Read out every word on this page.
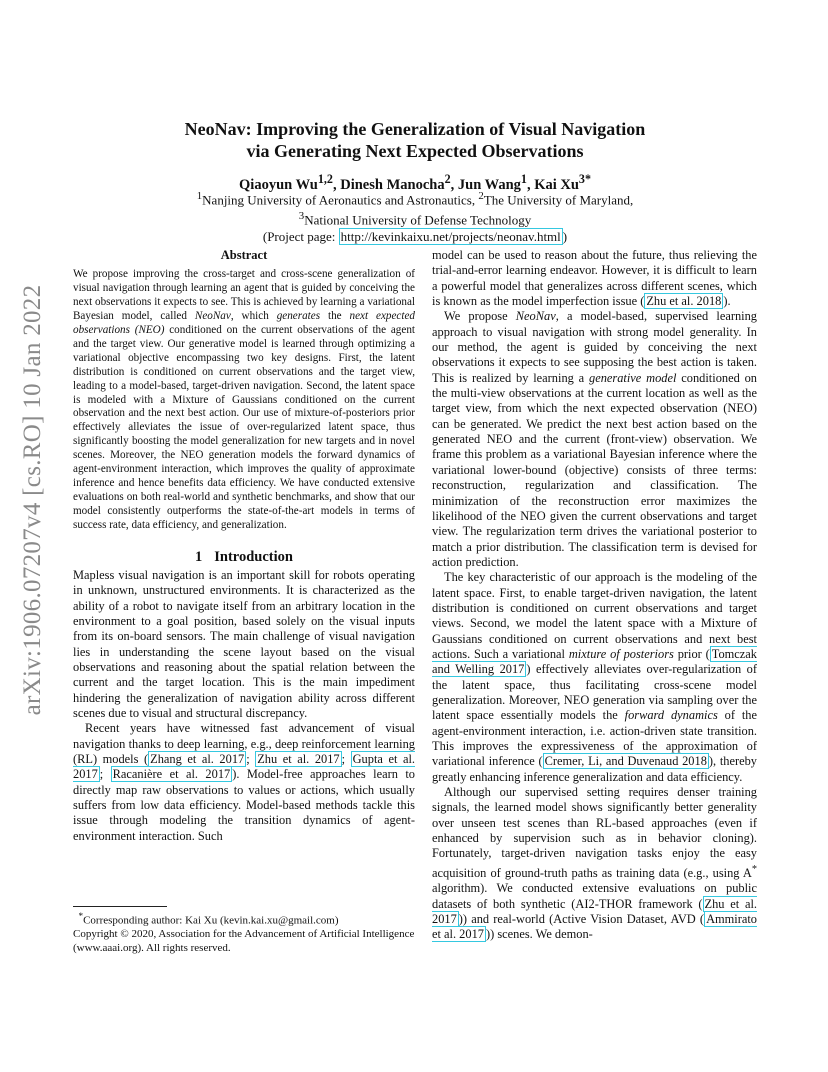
arXiv:1906.07207v4 [cs.RO] 10 Jan 2022
NeoNav: Improving the Generalization of Visual Navigation
via Generating Next Expected Observations
Qiaoyun Wu$^{1,2}$, Dinesh Manocha$^2$, Jun Wang$^1$, Kai $Xu^{3*}$
$^1$Nanjing University of Aeronautics and Astronautics, $^2$The University of Maryland,
$^3$National University of Defense Technology
(Project page: http://kevinkaixu.net/projects/neonav.html )
Abstract

We propose improving the cross-target and cross-scene generalization of visual navigation through learning an agent that is guided by conceiving the next observations it expects to see. This is achieved by learning a variational Bayesian model, called NeoNav, which generates the next expected observations (NEO) conditioned on the current observations of the agent and the target view. Our generative model is learned through optimizing a variational objective encompassing two key designs. First, the latent distribution is conditioned on current observations and the target view, leading to a model-based, target-driven navigation. Second, the latent space is modeled with a Mixture of Gaussians conditioned on the current observation and the next best action. Our use of mixture-of-posteriors prior effectively alleviates the issue of over-regularized latent space, thus significantly boosting the model generalization for new targets and in novel scenes. Moreover, the NEO generation models the forward dynamics of agent-environment interaction, which improves the quality of approximate inference and hence benefits data efficiency. We have conducted extensive evaluations on both real-world and synthetic benchmarks, and show that our model consistently outperforms the state-of-the-art models in terms of success rate, data efficiency, and generalization.

1 Introduction

Mapless visual navigation is an important skill for robots operating in unknown, unstructured environments. It is characterized as the ability of a robot to navigate itself from an arbitrary location in the environment to a goal position, based solely on the visual inputs from its on-board sensors. The main challenge of visual navigation lies in understanding the scene layout based on the visual observations and reasoning about the spatial relation between the current and the target location. This is the main impediment hindering the generalization of navigation ability across different scenes due to visual and structural discrepancy.

Recent years have witnessed fast advancement of visual navigation thanks to deep learning, e.g., deep reinforcement learning (RL) models ( Zhang et al. 2017 ; Zhu et al. 2017 ; Gupta et al. 2017 ; Racanière et al. 2017 ). Model-free approaches learn to directly map raw observations to values or actions, which usually suffers from low data efficiency. Model-based methods tackle this issue through modeling the transition dynamics of agent-environment interaction. Such

model can be used to reason about the future, thus relieving the trial-and-error learning endeavor. However, it is difficult to learn a powerful model that generalizes across different scenes, which is known as the model imperfection issue ( Zhu et al. 2018 ).

We propose NeoNav, a model-based, supervised learning approach to visual navigation with strong model generality. In our method, the agent is guided by conceiving the next observations it expects to see supposing the best action is taken. This is realized by learning a generative model conditioned on the multi-view observations at the current location as well as the target view, from which the next expected observation (NEO) can be generated. We predict the next best action based on the generated NEO and the current (front-view) observation. We frame this problem as a variational Bayesian inference where the variational lower-bound (objective) consists of three terms: reconstruction, regularization and classification. The minimization of the reconstruction error maximizes the likelihood of the NEO given the current observations and target view. The regularization term drives the variational posterior to match a prior distribution. The classification term is devised for action prediction.

The key characteristic of our approach is the modeling of the latent space. First, to enable target-driven navigation, the latent distribution is conditioned on current observations and target views. Second, we model the latent space with a Mixture of Gaussians conditioned on current observations and next best actions. Such a variational mixture of posteriors prior ( Tomczak and Welling 2017 ) effectively alleviates over-regularization of the latent space, thus facilitating cross-scene model generalization. Moreover, NEO generation via sampling over the latent space essentially models the forward dynamics of the agent-environment interaction, i.e. action-driven state transition. This improves the expressiveness of the approximation of variational inference ( Cremer, Li, and Duvenaud 2018 ), thereby greatly enhancing inference generalization and data efficiency.

Although our supervised setting requires denser training signals, the learned model shows significantly better generality over unseen test scenes than RL-based approaches (even if enhanced by supervision such as in behavior cloning). Fortunately, target-driven navigation tasks enjoy the easy acquisition of ground-truth paths as training data (e.g., using A* algorithm). We conducted extensive evaluations on public datasets of both synthetic (AI2-THOR framework ( Zhu et al. 2017 )) and real-world (Active Vision Dataset, AVD ( Ammirato et al. 2017 )) scenes. We demon-

*Corresponding author: Kai Xu (kevin.kai.xu@gmail.com)
Copyright © 2020, Association for the Advancement of Artificial Intelligence (www.aaai.org). All rights reserved.
